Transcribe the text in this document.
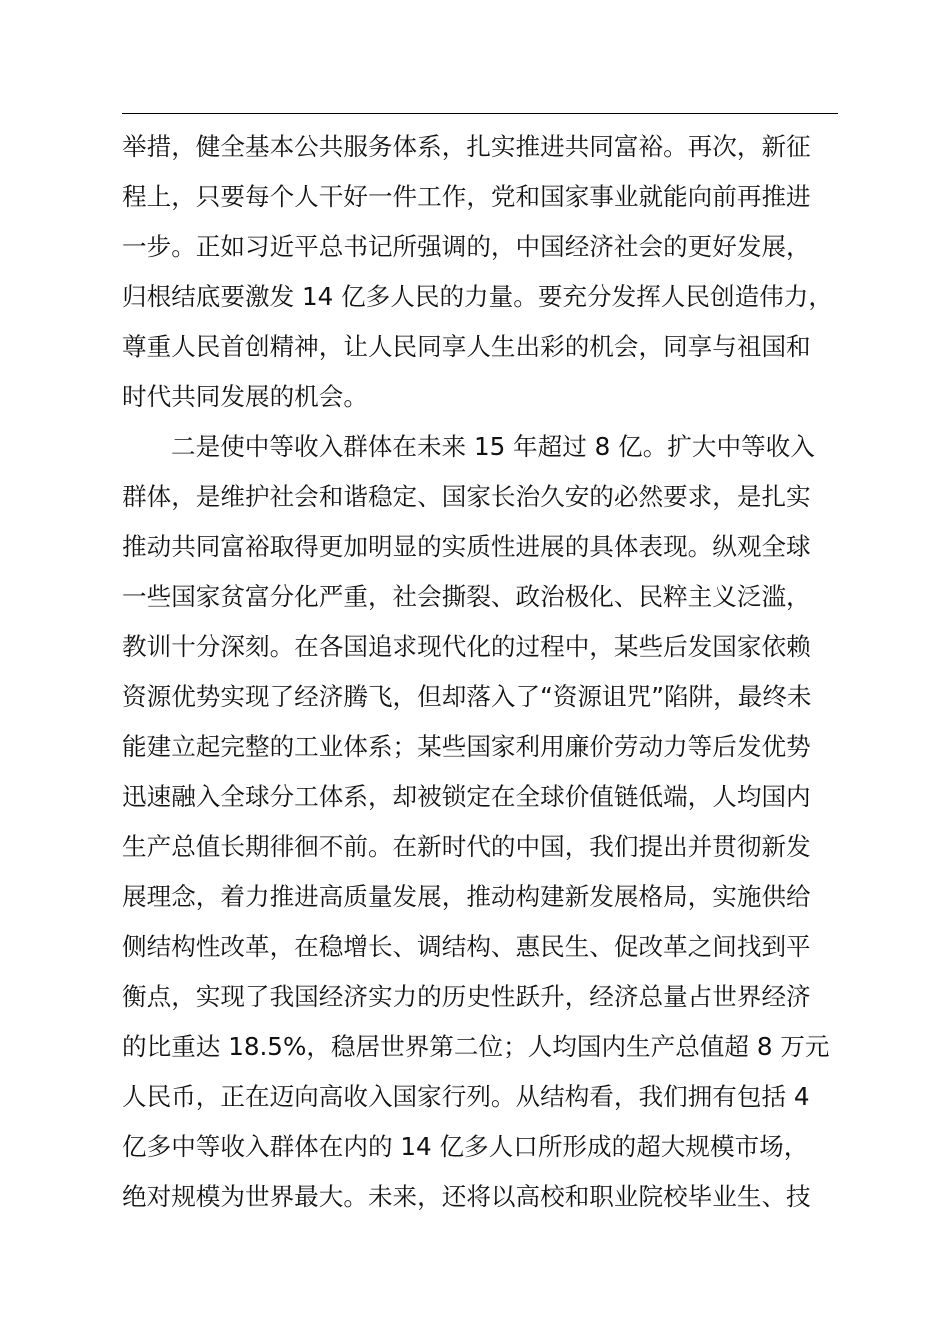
举措，健全基本公共服务体系，扎实推进共同富裕。再次，新征
程上，只要每个人干好一件工作，党和国家事业就能向前再推进
一步。正如习近平总书记所强调的，中国经济社会的更好发展，
归根结底要激发 14 亿多人民的力量。要充分发挥人民创造伟力，
尊重人民首创精神，让人民同享人生出彩的机会，同享与祖国和
时代共同发展的机会。
二是使中等收入群体在未来 15 年超过 8 亿。扩大中等收入
群体，是维护社会和谐稳定、国家长治久安的必然要求，是扎实
推动共同富裕取得更加明显的实质性进展的具体表现。纵观全球
一些国家贫富分化严重，社会撕裂、政治极化、民粹主义泛滥，
教训十分深刻。在各国追求现代化的过程中，某些后发国家依赖
资源优势实现了经济腾飞，但却落入了“资源诅咒”陷阱，最终未
能建立起完整的工业体系；某些国家利用廉价劳动力等后发优势
迅速融入全球分工体系，却被锁定在全球价值链低端，人均国内
生产总值长期徘徊不前。在新时代的中国，我们提出并贯彻新发
展理念，着力推进高质量发展，推动构建新发展格局，实施供给
侧结构性改革，在稳增长、调结构、惠民生、促改革之间找到平
衡点，实现了我国经济实力的历史性跃升，经济总量占世界经济
的比重达 18.5%，稳居世界第二位；人均国内生产总值超 8 万元
人民币，正在迈向高收入国家行列。从结构看，我们拥有包括 4
亿多中等收入群体在内的 14 亿多人口所形成的超大规模市场，
绝对规模为世界最大。未来，还将以高校和职业院校毕业生、技
